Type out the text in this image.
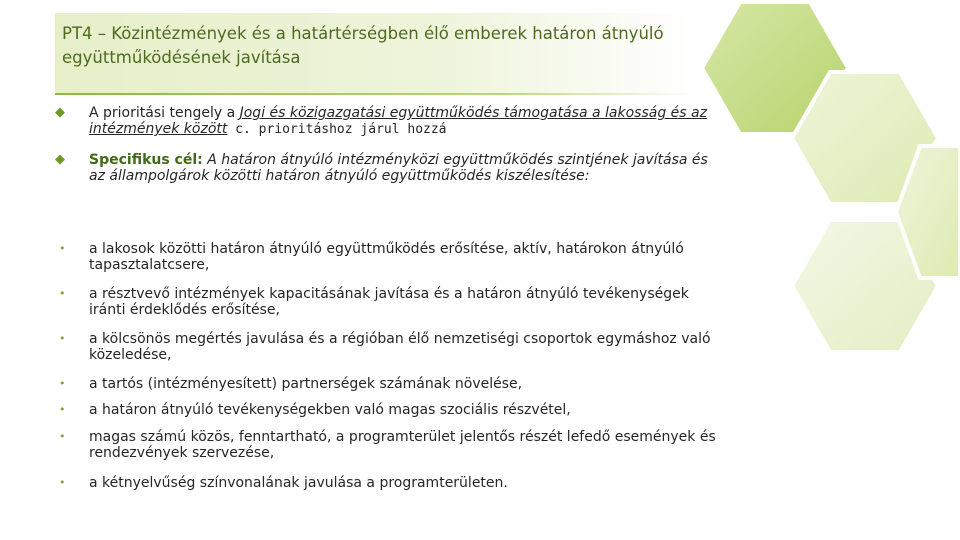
PT4 – Közintézmények és a határtérségben élő emberek határon átnyúló együttműködésének javítása
◆	A prioritási tengely a Jogi és közigazgatási együttműködés támogatása a lakosság és az intézmények között c. prioritáshoz járul hozzá
◆	Specifikus cél: A határon átnyúló intézményközi együttműködés szintjének javítása és az állampolgárok közötti határon átnyúló együttműködés kiszélesítése:
•	a lakosok közötti határon átnyúló együttműködés erősítése, aktív, határokon átnyúló tapasztalatcsere,
•	a résztvevő intézmények kapacitásának javítása és a határon átnyúló tevékenységek iránti érdeklődés erősítése,
•	a kölcsönös megértés javulása és a régióban élő nemzetiségi csoportok egymáshoz való közeledése,
•	a tartós (intézményesített) partnerségek számának növelése,
•	a határon átnyúló tevékenységekben való magas szociális részvétel,
•	magas számú közös, fenntartható, a programterület jelentős részét lefedő események és rendezvények szervezése,
•	a kétnyelvűség színvonalának javulása a programterületen.
